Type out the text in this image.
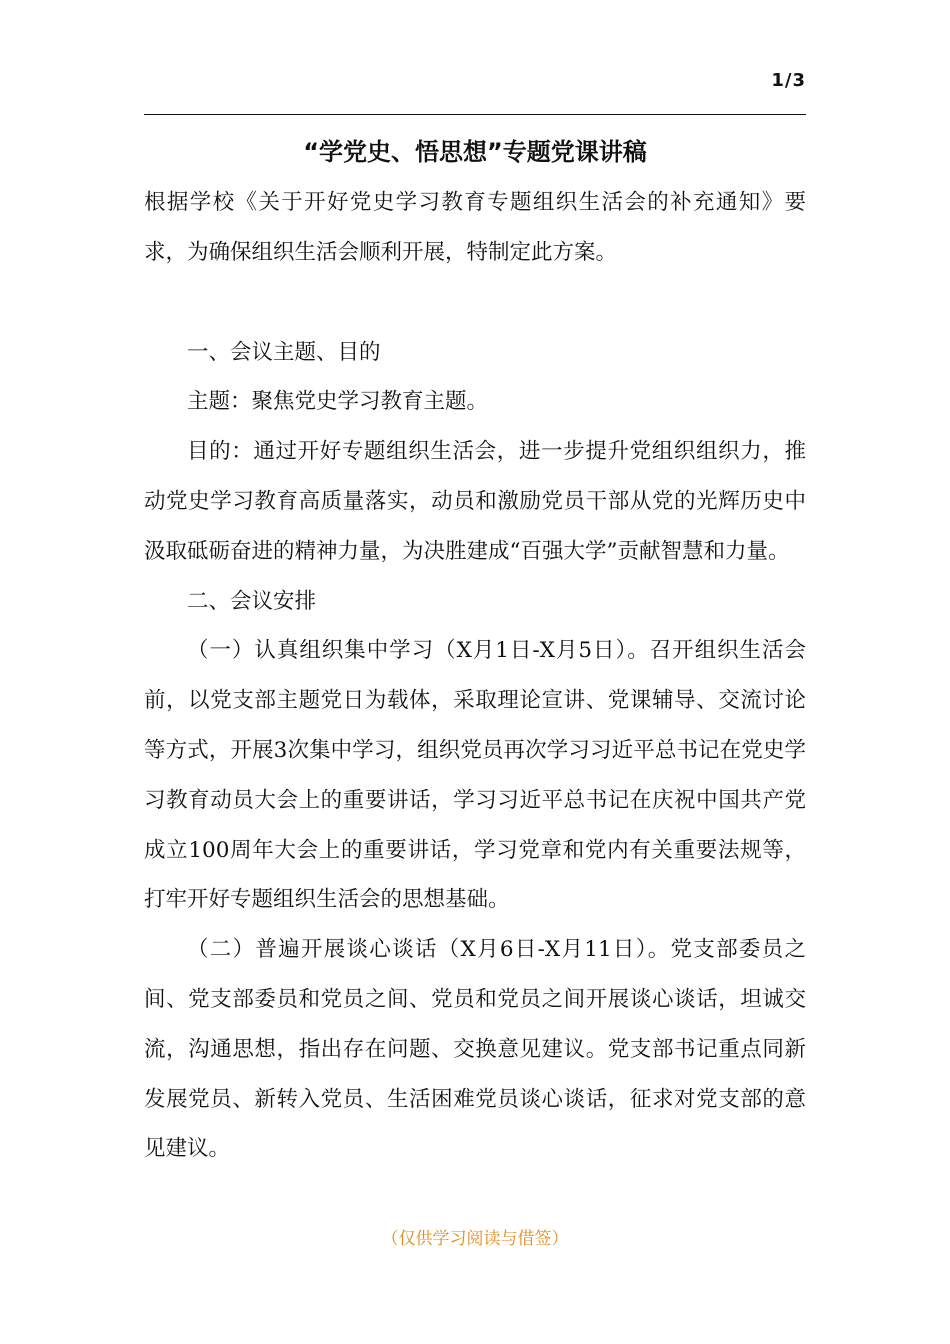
1/3
“学党史、悟思想”专题党课讲稿

根据学校《关于开好党史学习教育专题组织生活会的补充通知》要求，为确保组织生活会顺利开展，特制定此方案。

一、会议主题、目的

主题：聚焦党史学习教育主题。

目的：通过开好专题组织生活会，进一步提升党组织组织力，推动党史学习教育高质量落实，动员和激励党员干部从党的光辉历史中汲取砥砺奋进的精神力量，为决胜建成“百强大学”贡献智慧和力量。

二、会议安排

（一）认真组织集中学习（X月1日-X月5日）。召开组织生活会前，以党支部主题党日为载体，采取理论宣讲、党课辅导、交流讨论等方式，开展3次集中学习，组织党员再次学习习近平总书记在党史学习教育动员大会上的重要讲话，学习习近平总书记在庆祝中国共产党成立100周年大会上的重要讲话，学习党章和党内有关重要法规等，打牢开好专题组织生活会的思想基础。

（二）普遍开展谈心谈话（X月6日-X月11日）。党支部委员之间、党支部委员和党员之间、党员和党员之间开展谈心谈话，坦诚交流，沟通思想，指出存在问题、交换意见建议。党支部书记重点同新发展党员、新转入党员、生活困难党员谈心谈话，征求对党支部的意见建议。

（仅供学习阅读与借签）
